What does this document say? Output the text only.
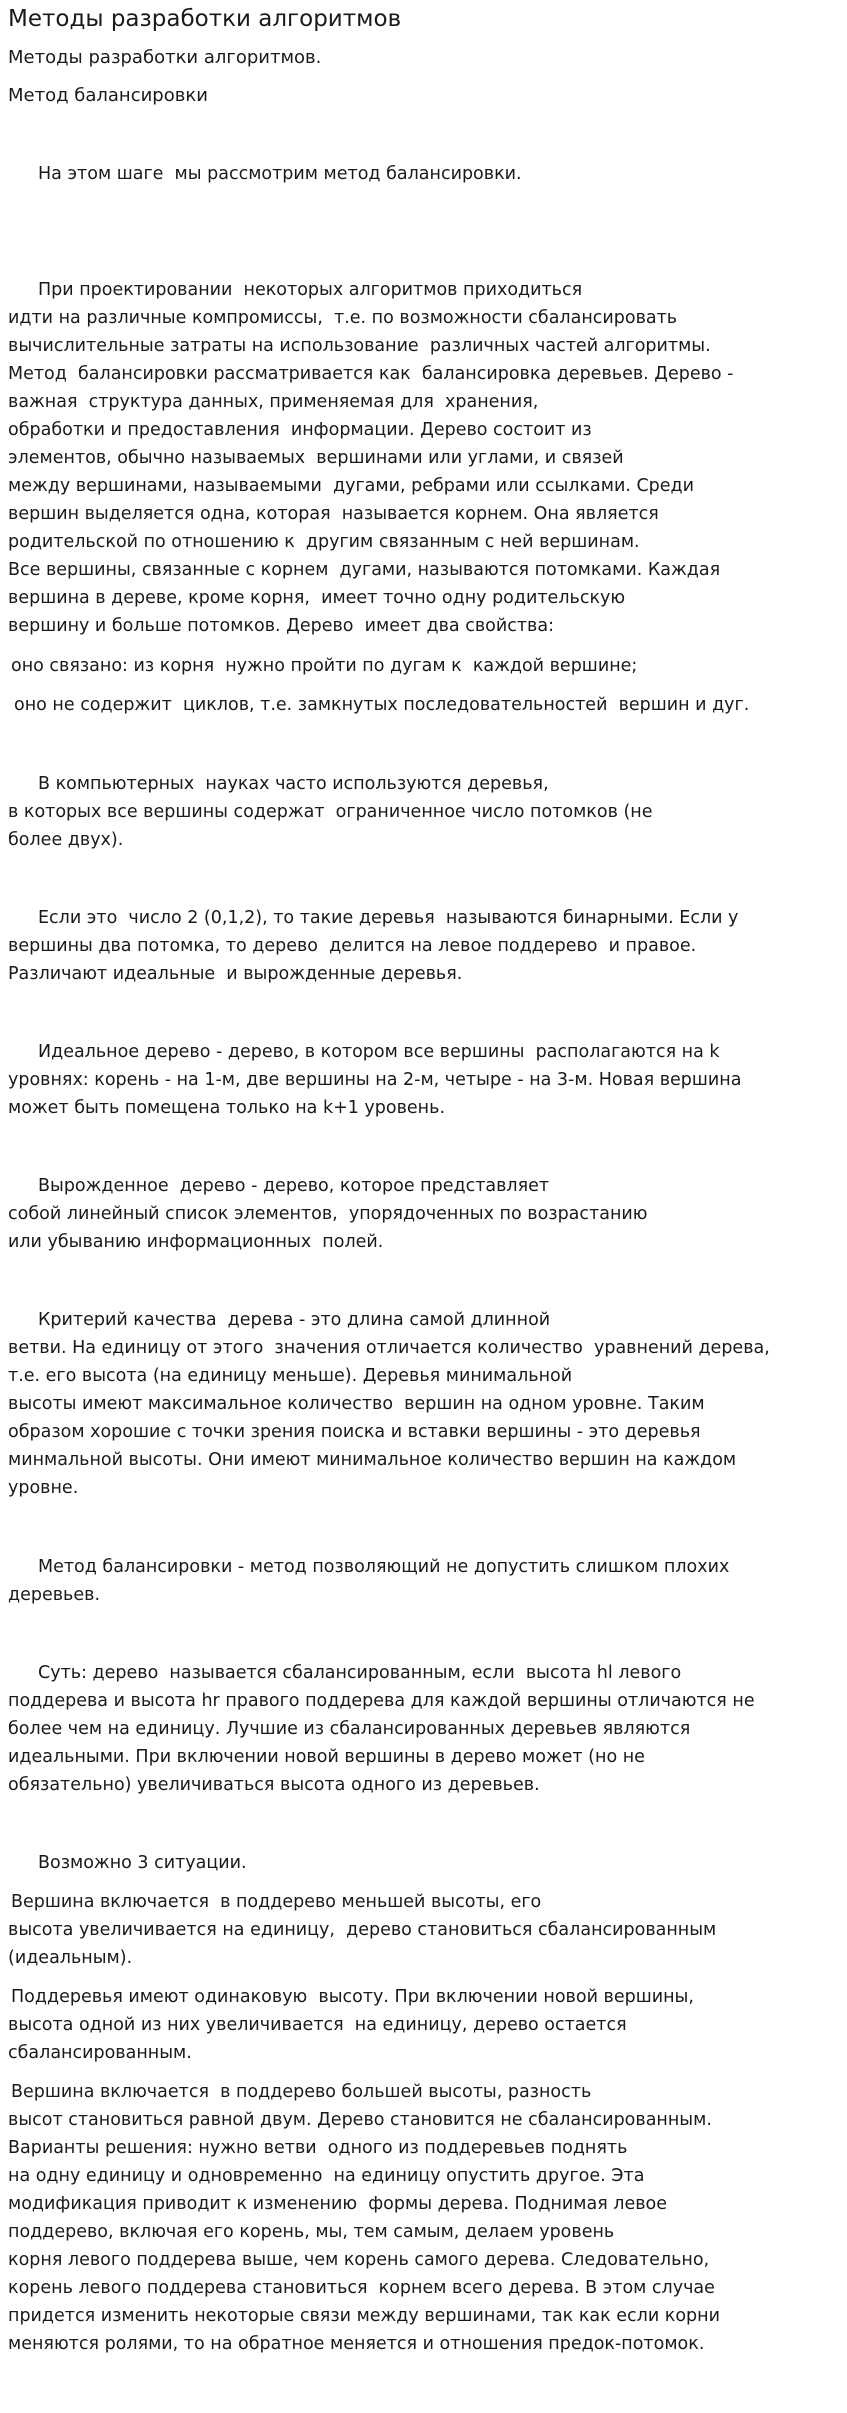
Методы разработки алгоритмов
Методы разработки алгоритмов.
Метод балансировки
На этом шаге  мы рассмотрим метод балансировки.
При проектировании  некоторых алгоритмов приходиться
идти на различные компромиссы,  т.е. по возможности сбалансировать
вычислительные затраты на использование  различных частей алгоритмы.
Метод  балансировки рассматривается как  балансировка деревьев. Дерево -
важная  структура данных, применяемая для  хранения,
обработки и предоставления  информации. Дерево состоит из
элементов, обычно называемых  вершинами или углами, и связей
между вершинами, называемыми  дугами, ребрами или ссылками. Среди
вершин выделяется одна, которая  называется корнем. Она является
родительской по отношению к  другим связанным с ней вершинам.
Все вершины, связанные с корнем  дугами, называются потомками. Каждая
вершина в дереве, кроме корня,  имеет точно одну родительскую
вершину и больше потомков. Дерево  имеет два свойства:
оно связано: из корня  нужно пройти по дугам к  каждой вершине;
оно не содержит  циклов, т.е. замкнутых последовательностей  вершин и дуг.
В компьютерных  науках часто используются деревья,
в которых все вершины содержат  ограниченное число потомков (не
более двух).
Если это  число 2 (0,1,2), то такие деревья  называются бинарными. Если у
вершины два потомка, то дерево  делится на левое поддерево  и правое.
Различают идеальные  и вырожденные деревья.
Идеальное дерево - дерево, в котором все вершины  располагаются на k
уровнях: корень - на 1-м, две вершины на 2-м, четыре - на 3-м. Новая вершина
может быть помещена только на k+1 уровень.
Вырожденное  дерево - дерево, которое представляет
собой линейный список элементов,  упорядоченных по возрастанию
или убыванию информационных  полей.
Критерий качества  дерева - это длина самой длинной
ветви. На единицу от этого  значения отличается количество  уравнений дерева,
т.е. его высота (на единицу меньше). Деревья минимальной
высоты имеют максимальное количество  вершин на одном уровне. Таким
образом хорошие с точки зрения поиска и вставки вершины - это деревья
минмальной высоты. Они имеют минимальное количество вершин на каждом
уровне.
Метод балансировки - метод позволяющий не допустить слишком плохих
деревьев.
Суть: дерево  называется сбалансированным, если  высота hl левого
поддерева и высота hr правого поддерева для каждой вершины отличаются не
более чем на единицу. Лучшие из сбалансированных деревьев являются
идеальными. При включении новой вершины в дерево может (но не
обязательно) увеличиваться высота одного из деревьев.
Возможно 3 ситуации.
Вершина включается  в поддерево меньшей высоты, его
высота увеличивается на единицу,  дерево становиться сбалансированным
(идеальным).
Поддеревья имеют одинаковую  высоту. При включении новой вершины,
высота одной из них увеличивается  на единицу, дерево остается
сбалансированным.
Вершина включается  в поддерево большей высоты, разность
высот становиться равной двум. Дерево становится не сбалансированным.
Варианты решения: нужно ветви  одного из поддеревьев поднять
на одну единицу и одновременно  на единицу опустить другое. Эта
модификация приводит к изменению  формы дерева. Поднимая левое
поддерево, включая его корень, мы, тем самым, делаем уровень
корня левого поддерева выше, чем корень самого дерева. Следовательно,
корень левого поддерева становиться  корнем всего дерева. В этом случае
придется изменить некоторые связи между вершинами, так как если корни
меняются ролями, то на обратное меняется и отношения предок-потомок.
